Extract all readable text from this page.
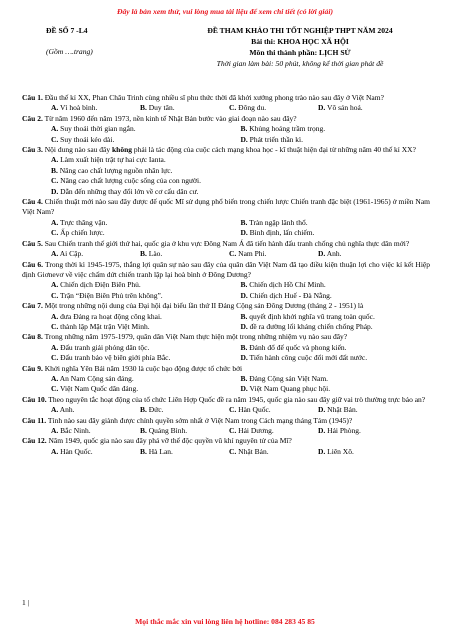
Đây là bản xem thử, vui lòng mua tài liệu để xem chi tiết (có lời giải)
ĐỀ SỐ 7 -L4
(Gồm ….trang)
ĐỀ THAM KHẢO THI TỐT NGHIỆP THPT NĂM 2024
Bài thi: KHOA HỌC XÃ HỘI
Môn thi thành phần: LỊCH SỬ
Thời gian làm bài: 50 phút, không kể thời gian phát đề

Câu 1. Đầu thế kỉ XX, Phan Châu Trinh cùng nhiều sĩ phu thức thời đã khởi xướng phong trào nào sau đây ở Việt Nam?

A. Vì hoà bình.	B. Duy tân.	C. Đông du.	D. Vô sản hoá.

Câu 2. Từ năm 1960 đến năm 1973, nền kinh tế Nhật Bản bước vào giai đoạn nào sau đây?

A. Suy thoái thời gian ngắn.	B. Khủng hoảng trầm trọng.
C. Suy thoái kéo dài.	D. Phát triển thần kì.

Câu 3. Nội dung nào sau đây không phải là tác động của cuộc cách mạng khoa học - kĩ thuật hiện đại từ những năm 40 thế kỉ XX?

A. Làm xuất hiện trật tự hai cực Ianta.
B. Nâng cao chất lượng nguồn nhân lực.
C. Nâng cao chất lượng cuộc sống của con người.
D. Dẫn đến những thay đổi lớn về cơ cấu dân cư.

Câu 4. Chiến thuật mới nào sau đây được đế quốc Mĩ sử dụng phổ biến trong chiến lược Chiến tranh đặc biệt (1961-1965) ở miền Nam Việt Nam?

A. Trực thăng vận.	B. Tràn ngập lãnh thổ.
C. Ấp chiến lược.	D. Bình định, lấn chiếm.

Câu 5. Sau Chiến tranh thế giới thứ hai, quốc gia ở khu vực Đông Nam Á đã tiến hành đấu tranh chống chủ nghĩa thực dân mới?

A. Ai Cập.	B. Lào.	C. Nam Phi.	D. Anh.

Câu 6. Trong thời kì 1945-1975, thắng lợi quân sự nào sau đây của quân dân Việt Nam đã tạo điều kiện thuận lợi cho việc kí kết Hiệp định Giơnevơ về việc chấm dứt chiến tranh lập lại hoà bình ở Đông Dương?

A. Chiến dịch Điện Biên Phủ.	B. Chiến dịch Hồ Chí Minh.
C. Trận “Điện Biên Phủ trên không”.	D. Chiến dịch Huế - Đà Nẵng.

Câu 7. Một trong những nội dung của Đại hội đại biểu lần thứ II Đảng Cộng sản Đông Dương (tháng 2 - 1951) là

A. đưa Đảng ra hoạt động công khai.	B. quyết định khởi nghĩa vũ trang toàn quốc.
C. thành lập Mặt trận Việt Minh.	D. đề ra đường lối kháng chiến chống Pháp.

Câu 8. Trong những năm 1975-1979, quân dân Việt Nam thực hiện một trong những nhiệm vụ nào sau đây?

A. Đấu tranh giải phóng dân tộc.	B. Đánh đổ đế quốc và phong kiến.
C. Đấu tranh bảo vệ biên giới phía Bắc.	D. Tiến hành công cuộc đổi mới đất nước.

Câu 9. Khởi nghĩa Yên Bái năm 1930 là cuộc bạo động được tổ chức bởi

A. An Nam Cộng sản đảng.	B. Đảng Cộng sản Việt Nam.
C. Việt Nam Quốc dân đảng.	D. Việt Nam Quang phục hội.

Câu 10. Theo nguyên tắc hoạt động của tổ chức Liên Hợp Quốc đề ra năm 1945, quốc gia nào sau đây giữ vai trò thường trực bảo an?

A. Anh.	B. Đức.	C. Hàn Quốc.	D. Nhật Bản.

Câu 11. Tỉnh nào sau đây giành được chính quyền sớm nhất ở Việt Nam trong Cách mạng tháng Tám (1945)?

A. Bắc Ninh.	B. Quảng Bình.	C. Hải Dương.	D. Hải Phòng.

Câu 12. Năm 1949, quốc gia nào sau đây phá vỡ thế độc quyền vũ khí nguyên tử của Mĩ?

A. Hàn Quốc.	B. Hà Lan.	C. Nhật Bản.	D. Liên Xô.
1 |
Mọi thắc mắc xin vui lòng liên hệ hotline: 084 283 45 85
